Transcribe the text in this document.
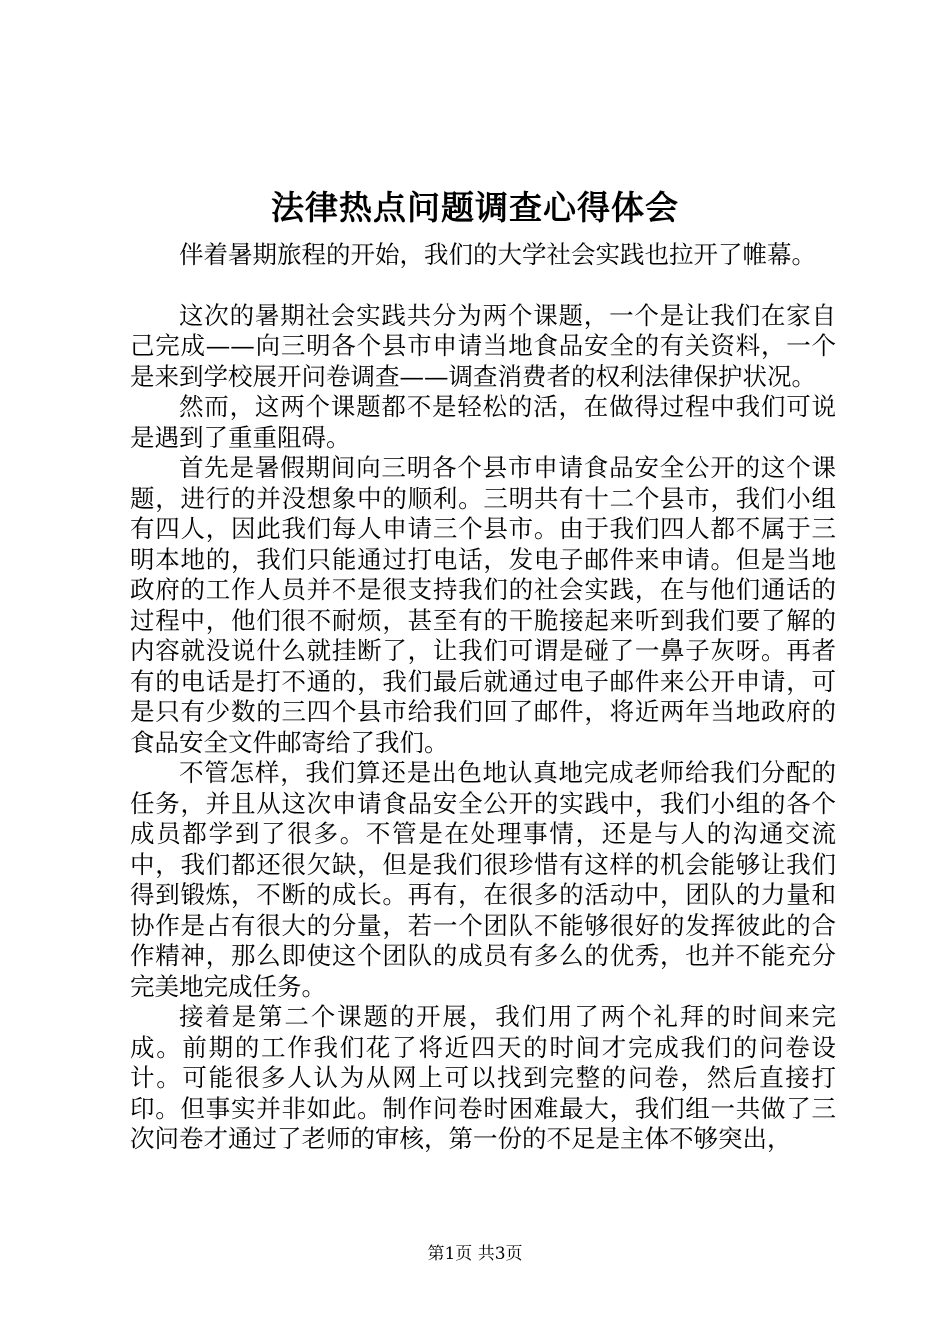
法律热点问题调查心得体会

伴着暑期旅程的开始，我们的大学社会实践也拉开了帷幕。

这次的暑期社会实践共分为两个课题，一个是让我们在家自己完成——向三明各个县市申请当地食品安全的有关资料，一个是来到学校展开问卷调查——调查消费者的权利法律保护状况。

然而，这两个课题都不是轻松的活，在做得过程中我们可说是遇到了重重阻碍。

首先是暑假期间向三明各个县市申请食品安全公开的这个课题，进行的并没想象中的顺利。三明共有十二个县市，我们小组有四人，因此我们每人申请三个县市。由于我们四人都不属于三明本地的，我们只能通过打电话，发电子邮件来申请。但是当地政府的工作人员并不是很支持我们的社会实践，在与他们通话的过程中，他们很不耐烦，甚至有的干脆接起来听到我们要了解的内容就没说什么就挂断了，让我们可谓是碰了一鼻子灰呀。再者有的电话是打不通的，我们最后就通过电子邮件来公开申请，可是只有少数的三四个县市给我们回了邮件，将近两年当地政府的食品安全文件邮寄给了我们。

不管怎样，我们算还是出色地认真地完成老师给我们分配的任务，并且从这次申请食品安全公开的实践中，我们小组的各个成员都学到了很多。不管是在处理事情，还是与人的沟通交流中，我们都还很欠缺，但是我们很珍惜有这样的机会能够让我们得到锻炼，不断的成长。再有，在很多的活动中，团队的力量和协作是占有很大的分量，若一个团队不能够很好的发挥彼此的合作精神，那么即使这个团队的成员有多么的优秀，也并不能充分完美地完成任务。

接着是第二个课题的开展，我们用了两个礼拜的时间来完成。前期的工作我们花了将近四天的时间才完成我们的问卷设计。可能很多人认为从网上可以找到完整的问卷，然后直接打印。但事实并非如此。制作问卷时困难最大，我们组一共做了三次问卷才通过了老师的审核，第一份的不足是主体不够突出，

第1页 共3页
